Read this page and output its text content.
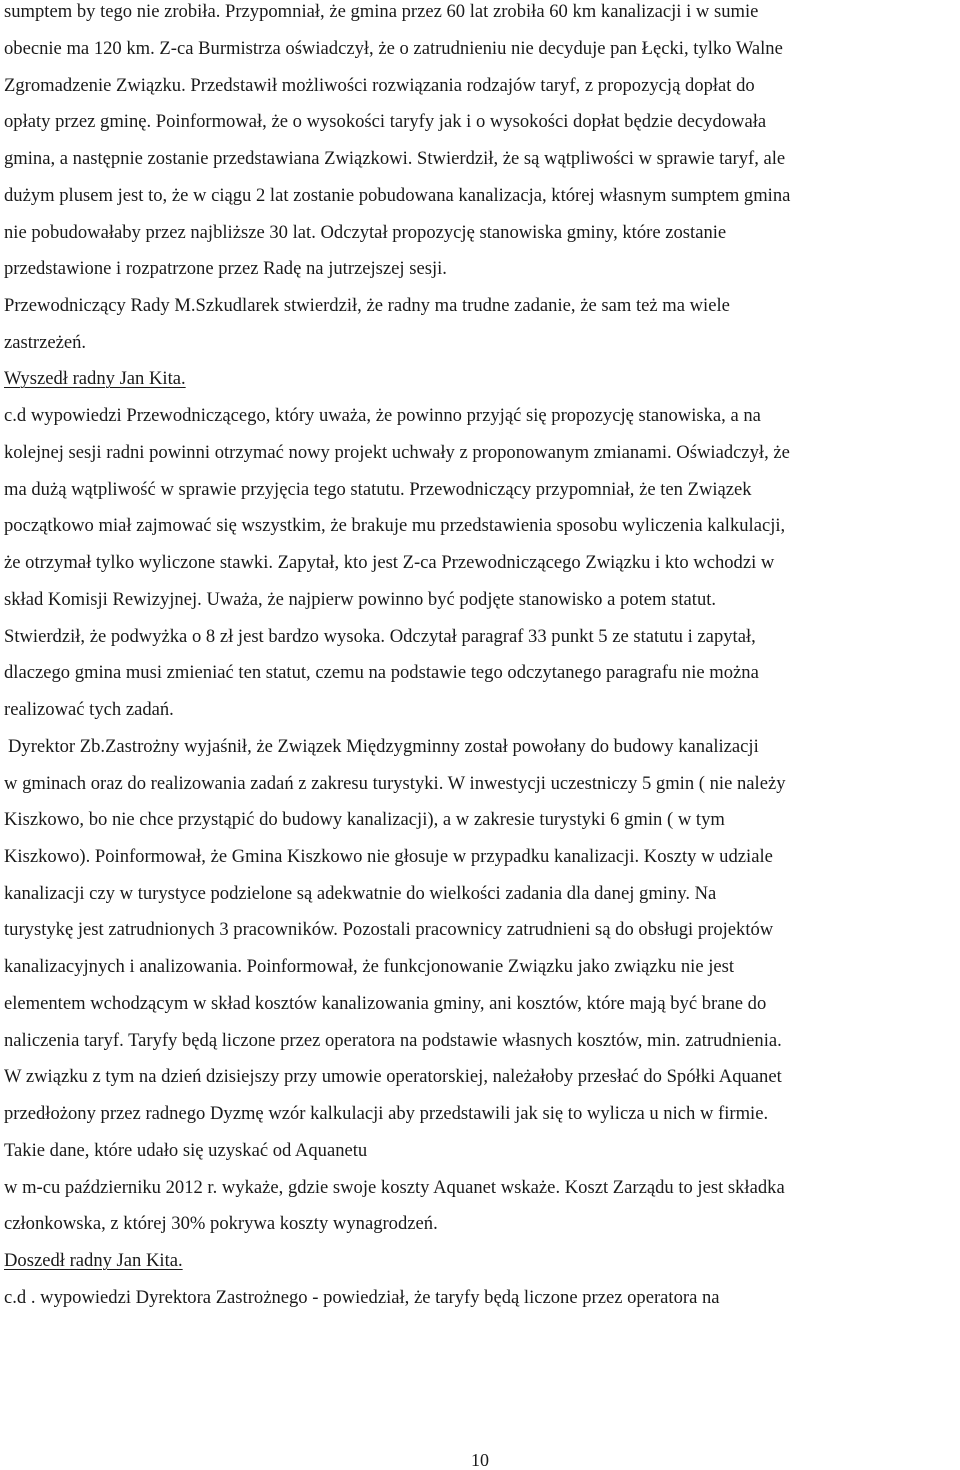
sumptem by tego nie zrobiła. Przypomniał, że gmina przez 60 lat zrobiła 60 km kanalizacji i w sumie
obecnie ma 120 km. Z-ca Burmistrza oświadczył, że o zatrudnieniu nie decyduje pan Łęcki, tylko Walne
Zgromadzenie Związku. Przedstawił możliwości rozwiązania rodzajów taryf, z propozycją dopłat do
opłaty przez gminę. Poinformował, że o wysokości taryfy jak i o wysokości dopłat będzie decydowała
gmina, a następnie zostanie przedstawiana Związkowi. Stwierdził, że są wątpliwości w sprawie taryf, ale
dużym plusem jest to, że w ciągu 2 lat zostanie pobudowana kanalizacja, której własnym sumptem gmina
nie pobudowałaby przez najbliższe 30 lat. Odczytał propozycję stanowiska gminy, które zostanie
przedstawione i rozpatrzone przez Radę na jutrzejszej sesji.
Przewodniczący Rady M.Szkudlarek stwierdził, że radny ma trudne zadanie, że sam też ma wiele
zastrzeżeń.
Wyszedł radny Jan Kita.
c.d wypowiedzi Przewodniczącego, który uważa, że powinno przyjąć się propozycję stanowiska, a na
kolejnej sesji radni powinni otrzymać nowy projekt uchwały z proponowanym zmianami. Oświadczył, że
ma dużą wątpliwość w sprawie przyjęcia tego statutu. Przewodniczący przypomniał, że ten Związek
początkowo miał zajmować się wszystkim, że brakuje mu przedstawienia sposobu wyliczenia kalkulacji,
że otrzymał tylko wyliczone stawki. Zapytał, kto jest Z-ca Przewodniczącego Związku i kto wchodzi w
skład Komisji Rewizyjnej. Uważa, że najpierw powinno być podjęte stanowisko a potem statut.
Stwierdził, że podwyżka o 8 zł jest bardzo wysoka. Odczytał paragraf 33 punkt 5 ze statutu i zapytał,
dlaczego gmina musi zmieniać ten statut, czemu na podstawie tego odczytanego paragrafu nie można
realizować tych zadań.
Dyrektor Zb.Zastrożny wyjaśnił, że Związek Międzygminny został powołany do budowy kanalizacji
w gminach oraz do realizowania zadań z zakresu turystyki. W inwestycji uczestniczy 5 gmin ( nie należy
Kiszkowo, bo nie chce przystąpić do budowy kanalizacji), a w zakresie turystyki 6 gmin ( w tym
Kiszkowo). Poinformował, że Gmina Kiszkowo nie głosuje w przypadku kanalizacji. Koszty w udziale
kanalizacji czy w turystyce podzielone są adekwatnie do wielkości zadania dla danej gminy. Na
turystykę jest zatrudnionych 3 pracowników. Pozostali pracownicy zatrudnieni są do obsługi projektów
kanalizacyjnych i analizowania. Poinformował, że funkcjonowanie Związku jako związku nie jest
elementem wchodzącym w skład kosztów kanalizowania gminy, ani kosztów, które mają być brane do
naliczenia taryf. Taryfy będą liczone przez operatora na podstawie własnych kosztów, min. zatrudnienia.
W związku z tym na dzień dzisiejszy przy umowie operatorskiej, należałoby przesłać do Spółki Aquanet
przedłożony przez radnego Dyzmę wzór kalkulacji aby przedstawili jak się to wylicza u nich w firmie.
Takie dane, które udało się uzyskać od Aquanetu
w m-cu październiku 2012 r. wykaże, gdzie swoje koszty Aquanet wskaże. Koszt Zarządu to jest składka
członkowska, z której 30% pokrywa koszty wynagrodzeń.
Doszedł radny Jan Kita.
c.d . wypowiedzi Dyrektora Zastrożnego - powiedział, że taryfy będą liczone przez operatora na
10
